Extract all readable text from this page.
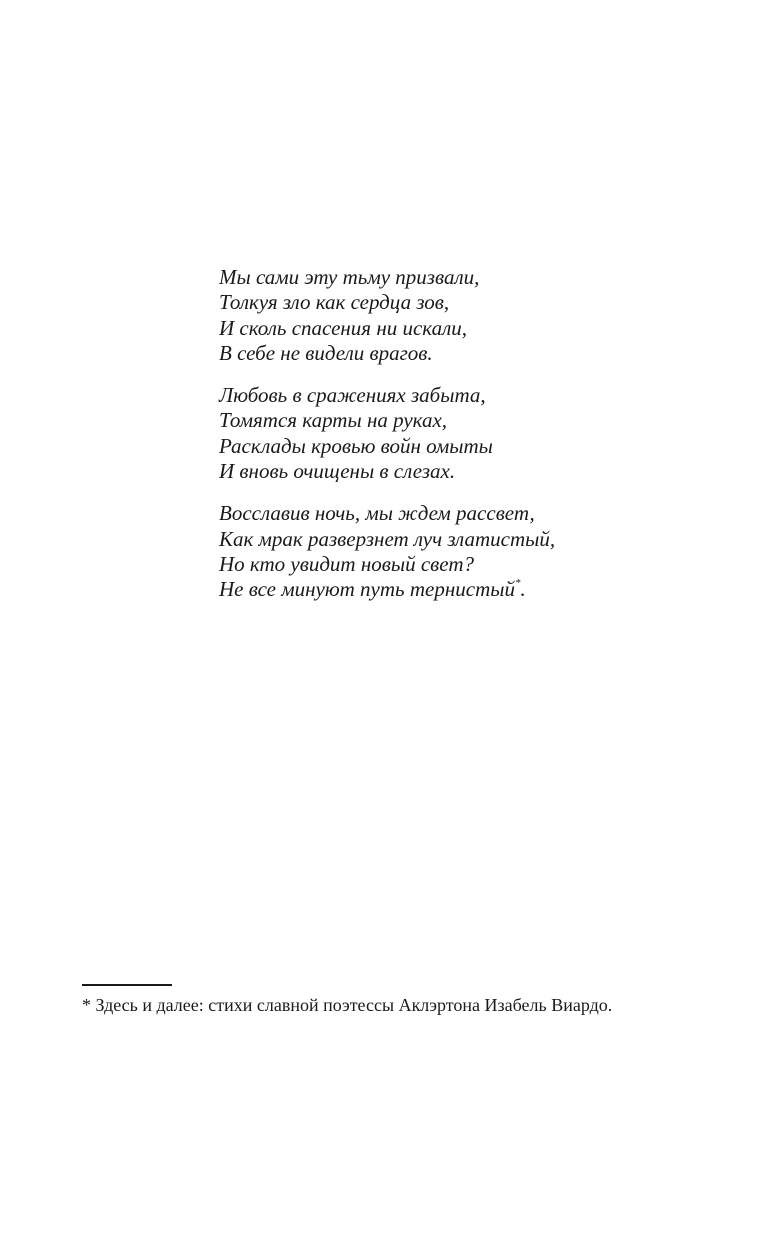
Мы сами эту тьму призвали,
Толкуя зло как сердца зов,
И сколь спасения ни искали,
В себе не видели врагов.
Любовь в сражениях забыта,
Томятся карты на руках,
Расклады кровью войн омыты
И вновь очищены в слезах.
Восславив ночь, мы ждем рассвет,
Как мрак разверзнет луч златистый,
Но кто увидит новый свет?
Не все минуют путь тернистый*.
* Здесь и далее: стихи славной поэтессы Аклэртона Изабель Виардо.
